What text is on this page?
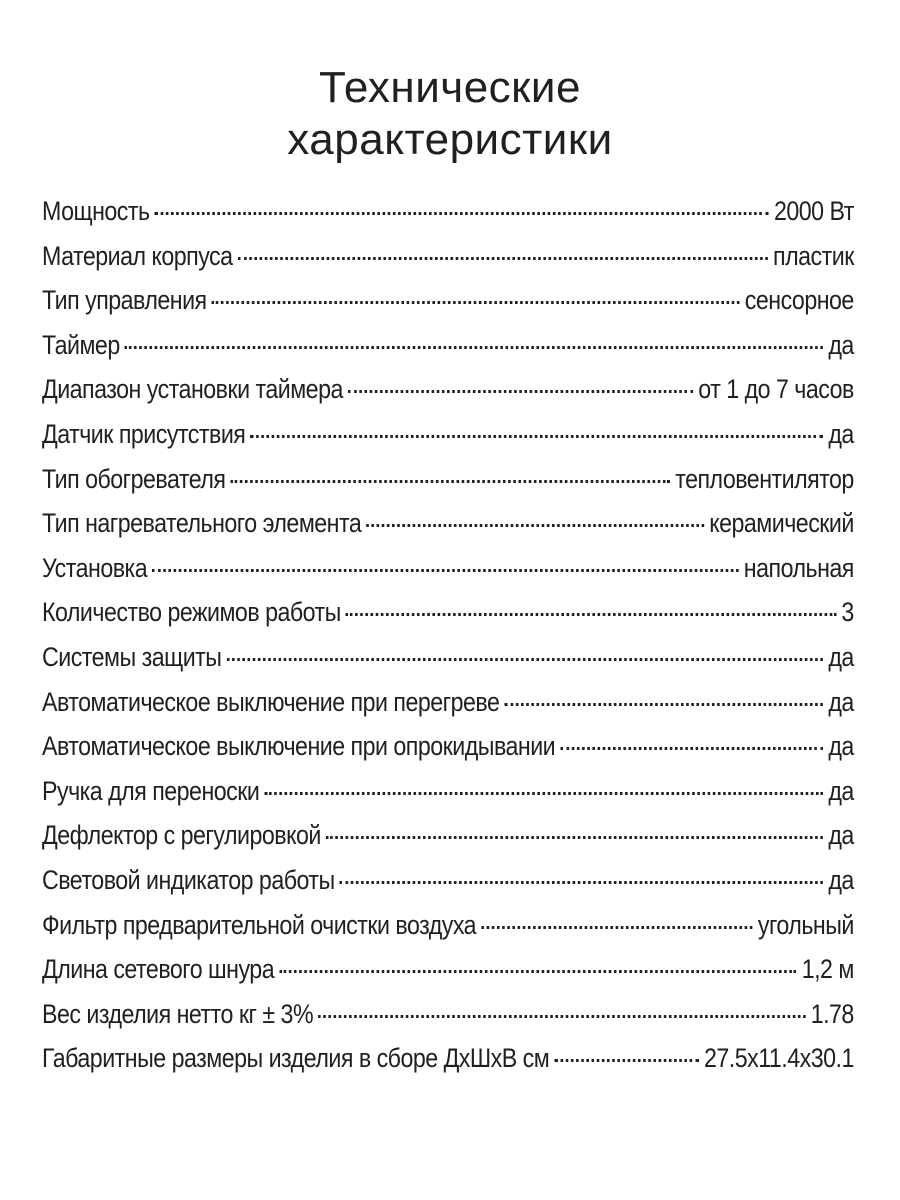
Технические
характеристики
Мощность	2000 Вт
Материал корпуса	пластик
Тип управления	сенсорное
Таймер	да
Диапазон установки таймера	от 1 до 7 часов
Датчик присутствия	да
Тип обогревателя	тепловентилятор
Тип нагревательного элемента	керамический
Установка	напольная
Количество режимов работы	3
Системы защиты	да
Автоматическое выключение при перегреве	да
Автоматическое выключение при опрокидывании	да
Ручка для переноски	да
Дефлектор с регулировкой	да
Световой индикатор работы	да
Фильтр предварительной очистки воздуха	угольный
Длина сетевого шнура	1,2 м
Вес изделия нетто кг ± 3%	1.78
Габаритные размеры изделия в сборе ДхШхВ см	27.5x11.4x30.1
